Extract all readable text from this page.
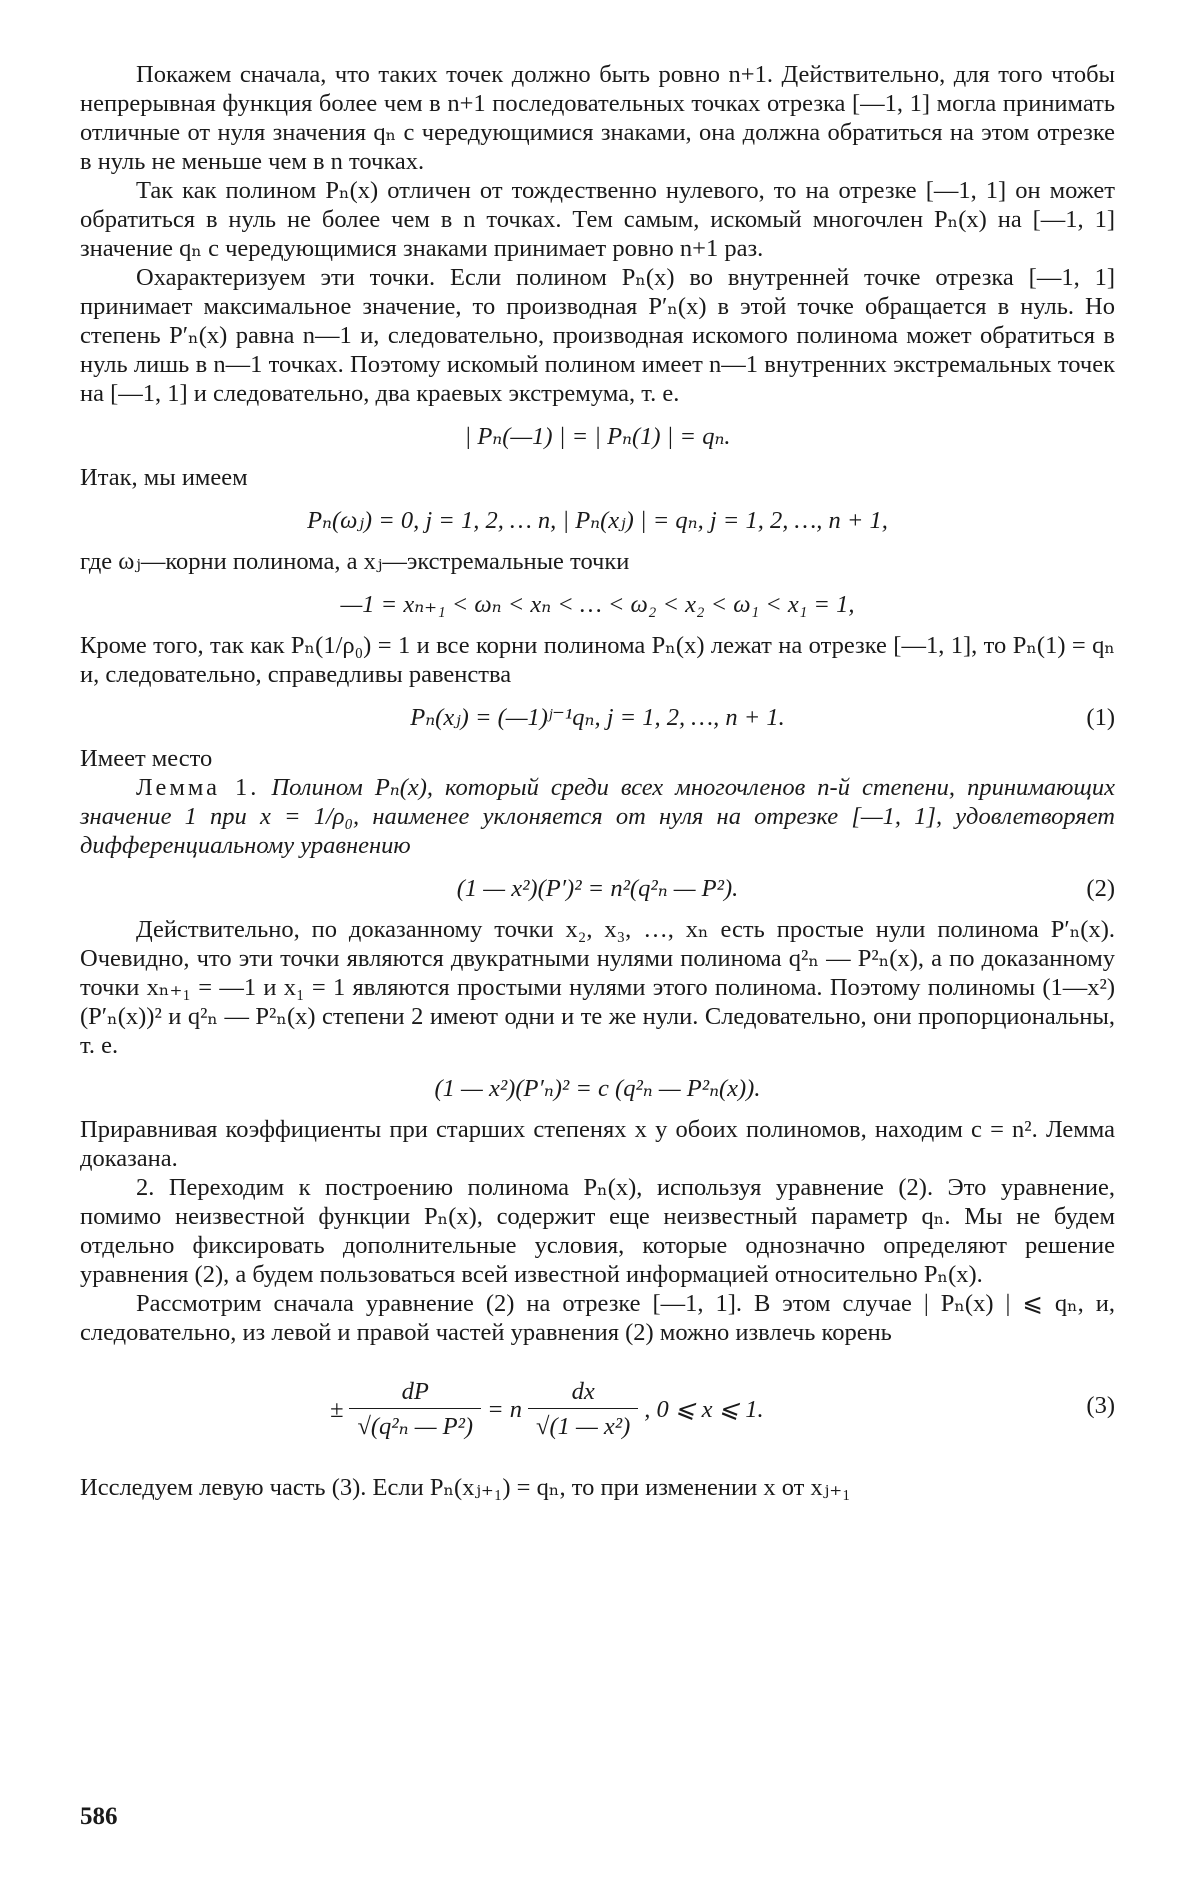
Покажем сначала, что таких точек должно быть ровно n+1. Действительно, для того чтобы непрерывная функция более чем в n+1 последовательных точках отрезка [—1, 1] могла принимать отличные от нуля значения qₙ с чередующимися знаками, она должна обратиться на этом отрезке в нуль не меньше чем в n точках.

Так как полином Pₙ(x) отличен от тождественно нулевого, то на отрезке [—1, 1] он может обратиться в нуль не более чем в n точках. Тем самым, искомый многочлен Pₙ(x) на [—1, 1] значение qₙ с чередующимися знаками принимает ровно n+1 раз.

Охарактеризуем эти точки. Если полином Pₙ(x) во внутренней точке отрезка [—1, 1] принимает максимальное значение, то производная P′ₙ(x) в этой точке обращается в нуль. Но степень P′ₙ(x) равна n—1 и, следовательно, производная искомого полинома может обратиться в нуль лишь в n—1 точках. Поэтому искомый полином имеет n—1 внутренних экстремальных точек на [—1, 1] и следовательно, два краевых экстремума, т. е.

| Pₙ(—1) | = | Pₙ(1) | = qₙ.

Итак, мы имеем

Pₙ(ωⱼ) = 0, j = 1, 2, … n, | Pₙ(xⱼ) | = qₙ, j = 1, 2, …, n + 1,

где ωⱼ—корни полинома, а xⱼ—экстремальные точки

—1 = xₙ₊₁ < ωₙ < xₙ < … < ω₂ < x₂ < ω₁ < x₁ = 1,

Кроме того, так как Pₙ(1/ρ₀) = 1 и все корни полинома Pₙ(x) лежат на отрезке [—1, 1], то Pₙ(1) = qₙ и, следовательно, справедливы равенства

Pₙ(xⱼ) = (—1)ʲ⁻¹qₙ, j = 1, 2, …, n + 1.	(1)

Имеет место

Лемма 1. Полином Pₙ(x), который среди всех многочленов n-й степени, принимающих значение 1 при x = 1/ρ₀, наименее уклоняется от нуля на отрезке [—1, 1], удовлетворяет дифференциальному уравнению

(1 — x²)(P′)² = n²(q²ₙ — P²).	(2)

Действительно, по доказанному точки x₂, x₃, …, xₙ есть простые нули полинома P′ₙ(x). Очевидно, что эти точки являются двукратными нулями полинома q²ₙ — P²ₙ(x), а по доказанному точки xₙ₊₁ = —1 и x₁ = 1 являются простыми нулями этого полинома. Поэтому полиномы (1—x²)(P′ₙ(x))² и q²ₙ — P²ₙ(x) степени 2 имеют одни и те же нули. Следовательно, они пропорциональны, т. е.

(1 — x²)(P′ₙ)² = c (q²ₙ — P²ₙ(x)).

Приравнивая коэффициенты при старших степенях x у обоих полиномов, находим c = n². Лемма доказана.

2. Переходим к построению полинома Pₙ(x), используя уравнение (2). Это уравнение, помимо неизвестной функции Pₙ(x), содержит еще неизвестный параметр qₙ. Мы не будем отдельно фиксировать дополнительные условия, которые однозначно определяют решение уравнения (2), а будем пользоваться всей известной информацией относительно Pₙ(x).

Рассмотрим сначала уравнение (2) на отрезке [—1, 1]. В этом случае | Pₙ(x) | ⩽ qₙ, и, следовательно, из левой и правой частей уравнения (2) можно извлечь корень

± $\frac{dP}{\text{√(q²ₙ — P²)}} = n \frac{dx}{\text{√(1 — x²)}}$ , 0 ⩽ x ⩽ 1.	(3)

Исследуем левую часть (3). Если Pₙ(xⱼ₊₁) = qₙ, то при изменении x от xⱼ₊₁

586
